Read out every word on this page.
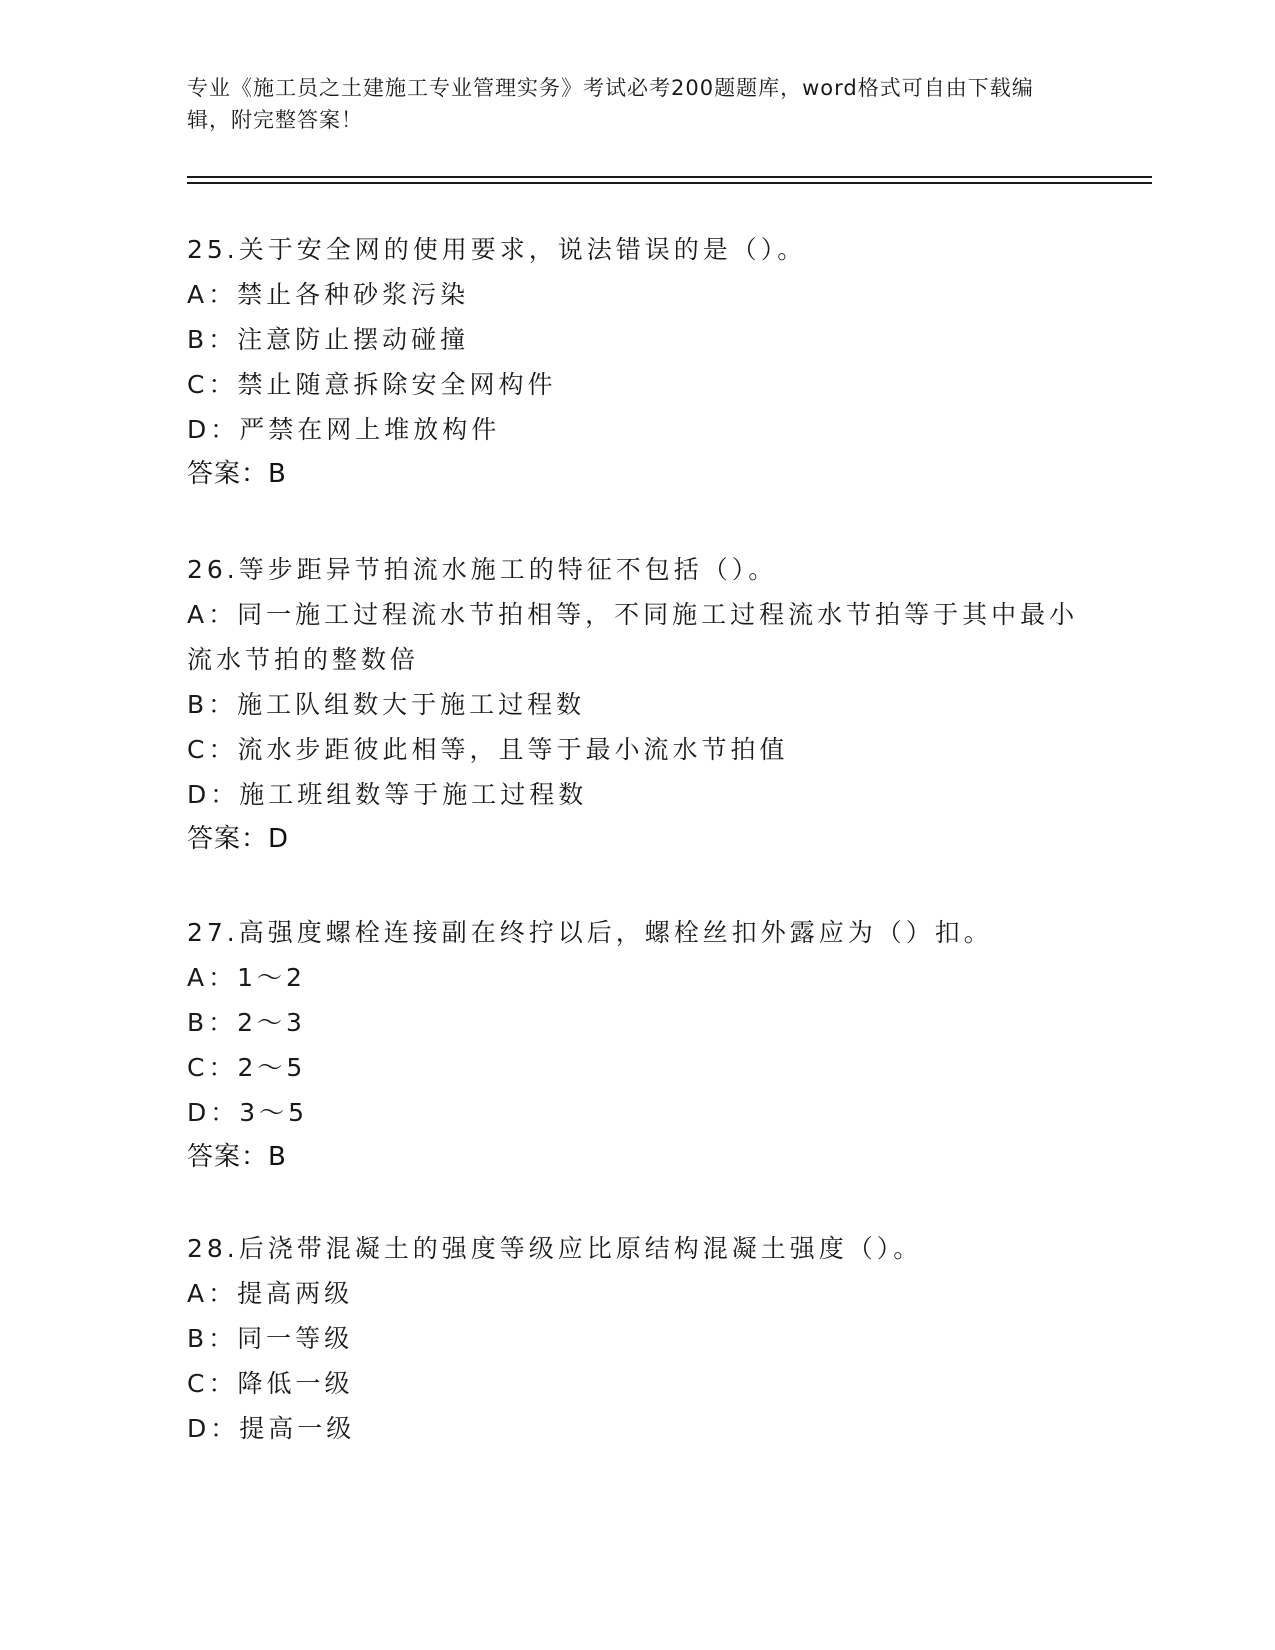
专业《施工员之土建施工专业管理实务》考试必考200题题库，word格式可自由下载编辑，附完整答案！
25.关于安全网的使用要求，说法错误的是（）。
A：禁止各种砂浆污染
B：注意防止摆动碰撞
C：禁止随意拆除安全网构件
D：严禁在网上堆放构件
答案：B
26.等步距异节拍流水施工的特征不包括（）。
A：同一施工过程流水节拍相等，不同施工过程流水节拍等于其中最小流水节拍的整数倍
B：施工队组数大于施工过程数
C：流水步距彼此相等，且等于最小流水节拍值
D：施工班组数等于施工过程数
答案：D
27.高强度螺栓连接副在终拧以后，螺栓丝扣外露应为（）扣。
A：1～2
B：2～3
C：2～5
D：3～5
答案：B
28.后浇带混凝土的强度等级应比原结构混凝土强度（）。
A：提高两级
B：同一等级
C：降低一级
D：提高一级
